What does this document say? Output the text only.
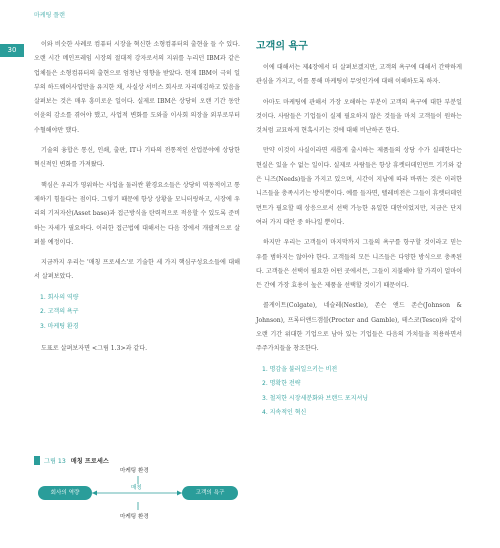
마케팅 플랜
30

이와 비슷한 사례로 컴퓨터 시장을 혁신한 소형컴퓨터의 출현을 들 수 있다. 오랜 시간 메인프레임 시장의 절대적 강자로서의 지위를 누리던 IBM과 같은 업체들은 소형컴퓨터의 출현으로 엄청난 영향을 받았다. 현재 IBM이 극히 일부의 하드웨어사업만을 유지한 채, 사실상 서비스 회사로 자리매김하고 있음을 살펴보는 것은 매우 흥미로운 일이다. 실제로 IBM은 상당히 오랜 기간 동안 이윤의 감소를 겪어야 했고, 사업적 변화를 도와줄 이사회 의장을 외부로부터 수혈해야만 했다.

기술의 융합은 통신, 인쇄, 출판, IT나 기타의 전통적인 산업분야에 상당한 혁신적인 변화를 가져왔다.

핵심은 우리가 영위하는 사업을 둘러싼 환경요소들은 상당히 역동적이고 통제하기 힘들다는 점이다. 그렇기 때문에 항상 상황을 모니터링하고, 시장에 우리의 기저자산(Asset base)과 접근방식을 탄력적으로 적응할 수 있도록 준비하는 자세가 필요하다. 이러한 접근법에 대해서는 다음 장에서 개괄적으로 살펴볼 예정이다.

지금까지 우리는 '매칭 프로세스'로 기술한 세 가지 핵심구성요소들에 대해서 살펴보았다.

1. 회사의 역량
2. 고객의 욕구
3. 마케팅 환경

도표로 살펴보자면 <그림 1.3>과 같다.

그림 13 매칭 프로세스
마케팅 환경
매칭
회사의 역량	고객의 욕구
마케팅 환경
고객의 욕구

이에 대해서는 제4장에서 더 살펴보겠지만, 고객의 욕구에 대해서 간략하게 관심을 가지고, 이를 통해 마케팅이 무엇인가에 대해 이해하도록 하자.

아마도 마케팅에 관해서 가장 오해하는 부분이 고객의 욕구에 대한 부분일 것이다. 사람들은 기업들이 실제 필요하지 않은 것들을 마치 고객들이 원하는 것처럼 교묘하게 현혹시키는 것에 대해 비난하곤 한다.

만약 이것이 사실이라면 새롭게 출시하는 제품들의 상당 수가 실패한다는 현실은 있을 수 없는 일이다. 실제로 사람들은 항상 휴렛터데인먼트 기기와 같은 니즈(Needs)들을 가지고 있으며, 시간이 지남에 따라 바뀌는 것은 이러한 니즈들을 충족시키는 방식뿐이다. 예를 들자면, 텔레비전은 그들이 휴렛터데인먼트가 필요할 때 상응으로서 선택 가능한 유일한 대안이었지만, 지금은 단지 여러 가지 대안 중 하나일 뿐이다.

하지만 우리는 고객들이 마지막까지 그들의 욕구를 항구할 것이라고 믿는 우를 범하지는 않아야 한다. 고객들의 모든 니즈들은 다양한 방식으로 충족된다. 고객들은 선택이 필요한 어떤 곳에서든, 그들이 지불해야 할 가격이 얼마이든 간에 가장 효용이 높은 제품을 선택할 것이기 때문이다.

콜게이트(Colgate), 네슬레(Nestle), 존슨 앤드 존슨(Johnson & Johnson), 프록터앤드갬블(Procter and Gamble), 테스코(Tesco)와 같이 오랜 기간 위대한 기업으로 남아 있는 기업들은 다음의 가치들을 적용하면서 주주가치들을 창조한다.

1. 명감을 불러일으키는 비전
2. 명확한 전략
3. 철저한 시장세분화와 브랜드 포지셔닝
4. 지속적인 혁신
